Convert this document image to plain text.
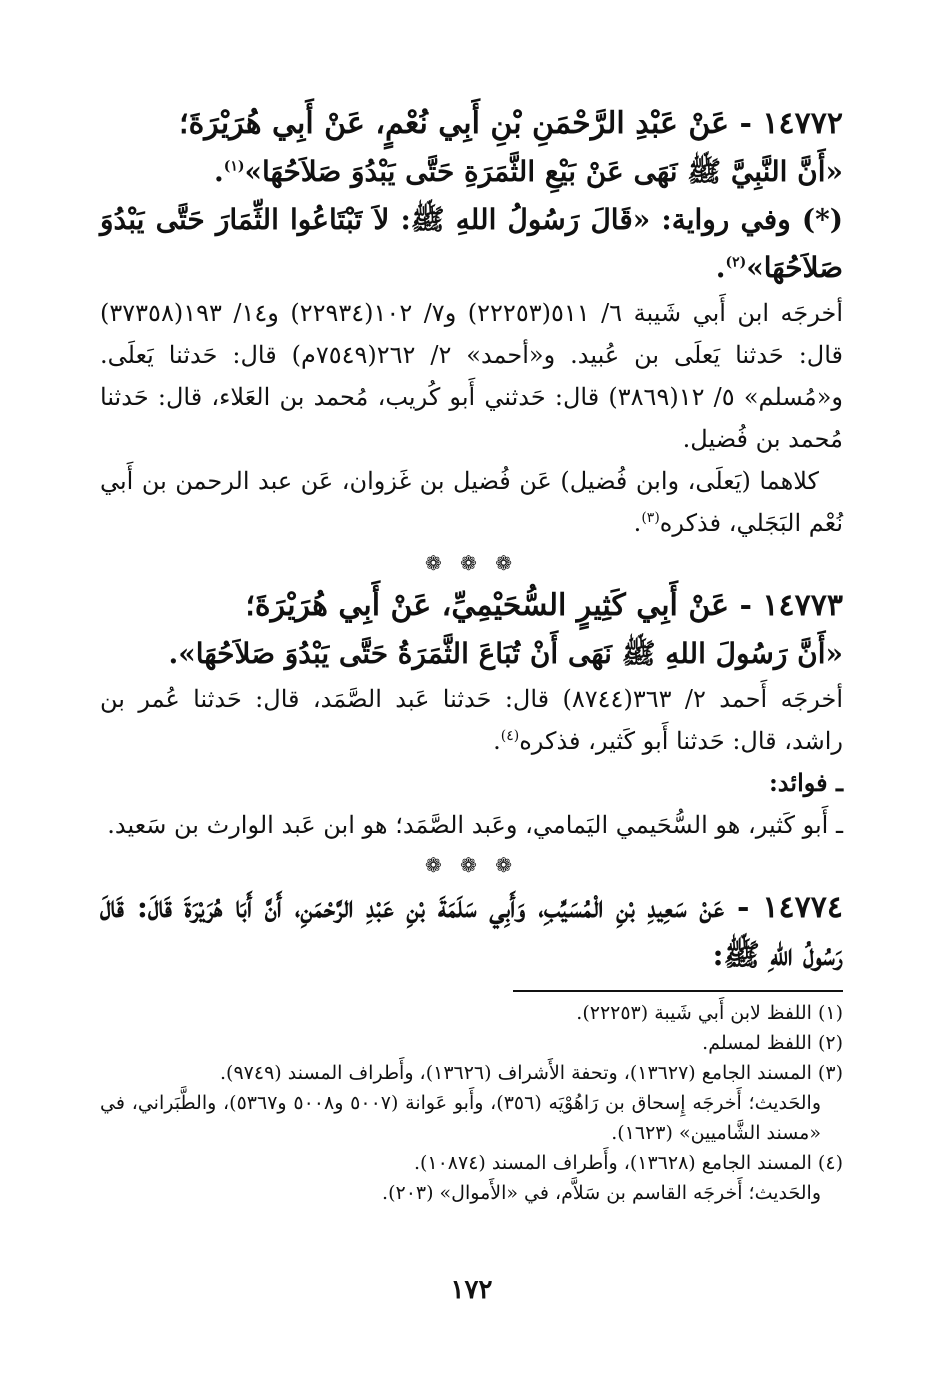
١٤٧٧٢ - عَنْ عَبْدِ الرَّحْمَنِ بْنِ أَبِي نُعْمٍ، عَنْ أَبِي هُرَيْرَةَ؛

«أَنَّ النَّبِيَّ ﷺ نَهَى عَنْ بَيْعِ الثَّمَرَةِ حَتَّى يَبْدُوَ صَلاَحُهَا»$^{(١)}$.

(*) وفي رواية: «قَالَ رَسُولُ اللهِ ﷺ: لاَ تَبْتَاعُوا الثِّمَارَ حَتَّى يَبْدُوَ صَلاَحُهَا»$^{(٢)}$.

أخرجَه ابن أَبي شَيبة ٦/ ٥١١(٢٢٢٥٣) و٧/ ١٠٢(٢٢٩٣٤) و١٤/ ١٩٣(٣٧٣٥٨) قال: حَدثنا يَعلَى بن عُبيد. و«أحمد» ٢/ ٢٦٢(٧٥٤٩م) قال: حَدثنا يَعلَى. و«مُسلم» ٥/ ١٢(٣٨٦٩) قال: حَدثني أَبو كُريب، مُحمد بن العَلاء، قال: حَدثنا مُحمد بن فُضيل.

كلاهما (يَعلَى، وابن فُضيل) عَن فُضيل بن غَزوان، عَن عبد الرحمن بن أَبي نُعْم البَجَلي، فذكره$^{(٣)}$.

❁ ❁ ❁

١٤٧٧٣ - عَنْ أَبِي كَثِيرٍ السُّحَيْمِيِّ، عَنْ أَبِي هُرَيْرَةَ؛

«أَنَّ رَسُولَ اللهِ ﷺ نَهَى أَنْ تُبَاعَ الثَّمَرَةُ حَتَّى يَبْدُوَ صَلاَحُهَا».

أخرجَه أَحمد ٢/ ٣٦٣(٨٧٤٤) قال: حَدثنا عَبد الصَّمَد، قال: حَدثنا عُمر بن راشد، قال: حَدثنا أَبو كَثير، فذكره$^{(٤)}$.

ـ فوائد:

ـ أَبو كَثير، هو السُّحَيمي اليَمامي، وعَبد الصَّمَد؛ هو ابن عَبد الوارث بن سَعيد.

❁ ❁ ❁

١٤٧٧٤ - عَنْ سَعِيدِ بْنِ الْمُسَيِّبِ، وَأَبِي سَلَمَةَ بْنِ عَبْدِ الرَّحْمَنِ، أَنَّ أَبَا هُرَيْرَةَ قَالَ: قَالَ رَسُولُ اللهِ ﷺ:

(١) اللفظ لابن أَبي شَيبة (٢٢٢٥٣).

(٢) اللفظ لمسلم.

(٣) المسند الجامع (١٣٦٢٧)، وتحفة الأَشراف (١٣٦٢٦)، وأَطراف المسند (٩٧٤٩).

والحَديث؛ أَخرجَه إِسحاق بن رَاهُوْيَه (٣٥٦)، وأَبو عَوانة (٥٠٠٧ و٥٠٠٨ و٥٣٦٧)، والطَّبَراني، في «مسند الشَّاميين» (١٦٢٣).

(٤) المسند الجامع (١٣٦٢٨)، وأَطراف المسند (١٠٨٧٤).

والحَديث؛ أَخرجَه القاسم بن سَلاَّم، في «الأَموال» (٢٠٣).

١٧٢
